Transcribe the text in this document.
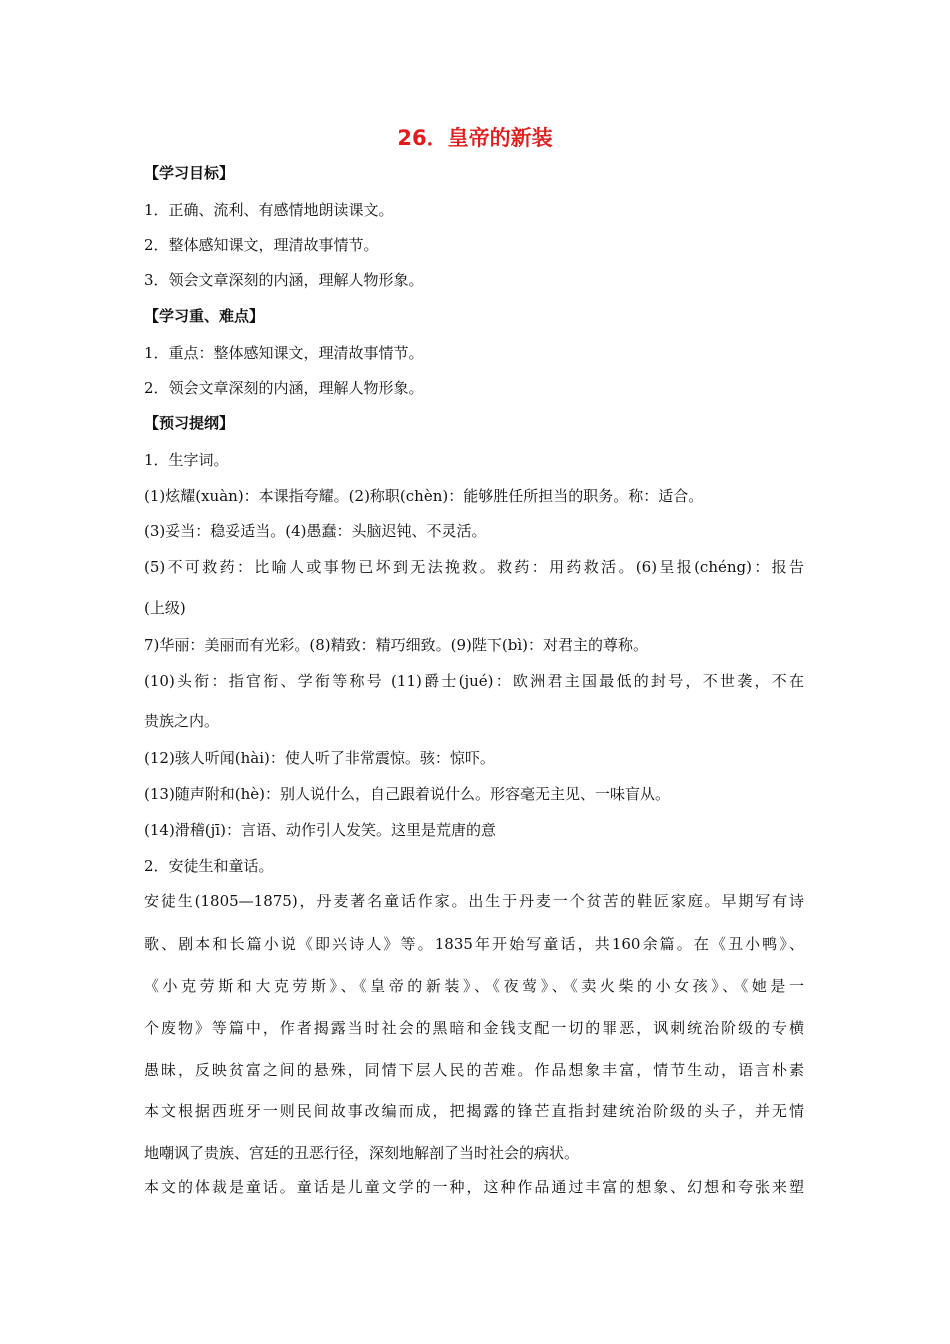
26．皇帝的新装

【学习目标】

1．正确、流利、有感情地朗读课文。

2．整体感知课文，理清故事情节。

3．领会文章深刻的内涵，理解人物形象。

【学习重、难点】

1．重点：整体感知课文，理清故事情节。

2．领会文章深刻的内涵，理解人物形象。

【预习提纲】

1．生字词。

(1)炫耀(xuàn)：本课指夸耀。(2)称职(chèn)：能够胜任所担当的职务。称：适合。

(3)妥当：稳妥适当。(4)愚蠢：头脑迟钝、不灵活。

(5)不可救药：比喻人或事物已坏到无法挽救。救药：用药救活。(6)呈报(chéng)：报告

(上级)

7)华丽：美丽而有光彩。(8)精致：精巧细致。(9)陛下(bì)：对君主的尊称。

(10)头衔：指官衔、学衔等称号 (11)爵士(jué)：欧洲君主国最低的封号，不世袭，不在

贵族之内。

(12)骇人听闻(hài)：使人听了非常震惊。骇：惊吓。

(13)随声附和(hè)：别人说什么，自己跟着说什么。形容毫无主见、一味盲从。

(14)滑稽(jī)：言语、动作引人发笑。这里是荒唐的意

2．安徒生和童话。

安徒生(1805—1875)，丹麦著名童话作家。出生于丹麦一个贫苦的鞋匠家庭。早期写有诗

歌、剧本和长篇小说《即兴诗人》等。1835年开始写童话，共160余篇。在《丑小鸭》、

《小克劳斯和大克劳斯》、《皇帝的新装》、《夜莺》、《卖火柴的小女孩》、《她是一

个废物》等篇中，作者揭露当时社会的黑暗和金钱支配一切的罪恶，讽刺统治阶级的专横

愚昧，反映贫富之间的悬殊，同情下层人民的苦难。作品想象丰富，情节生动，语言朴素

本文根据西班牙一则民间故事改编而成，把揭露的锋芒直指封建统治阶级的头子，并无情

地嘲讽了贵族、宫廷的丑恶行径，深刻地解剖了当时社会的病状。

本文的体裁是童话。童话是儿童文学的一种，这种作品通过丰富的想象、幻想和夸张来塑
